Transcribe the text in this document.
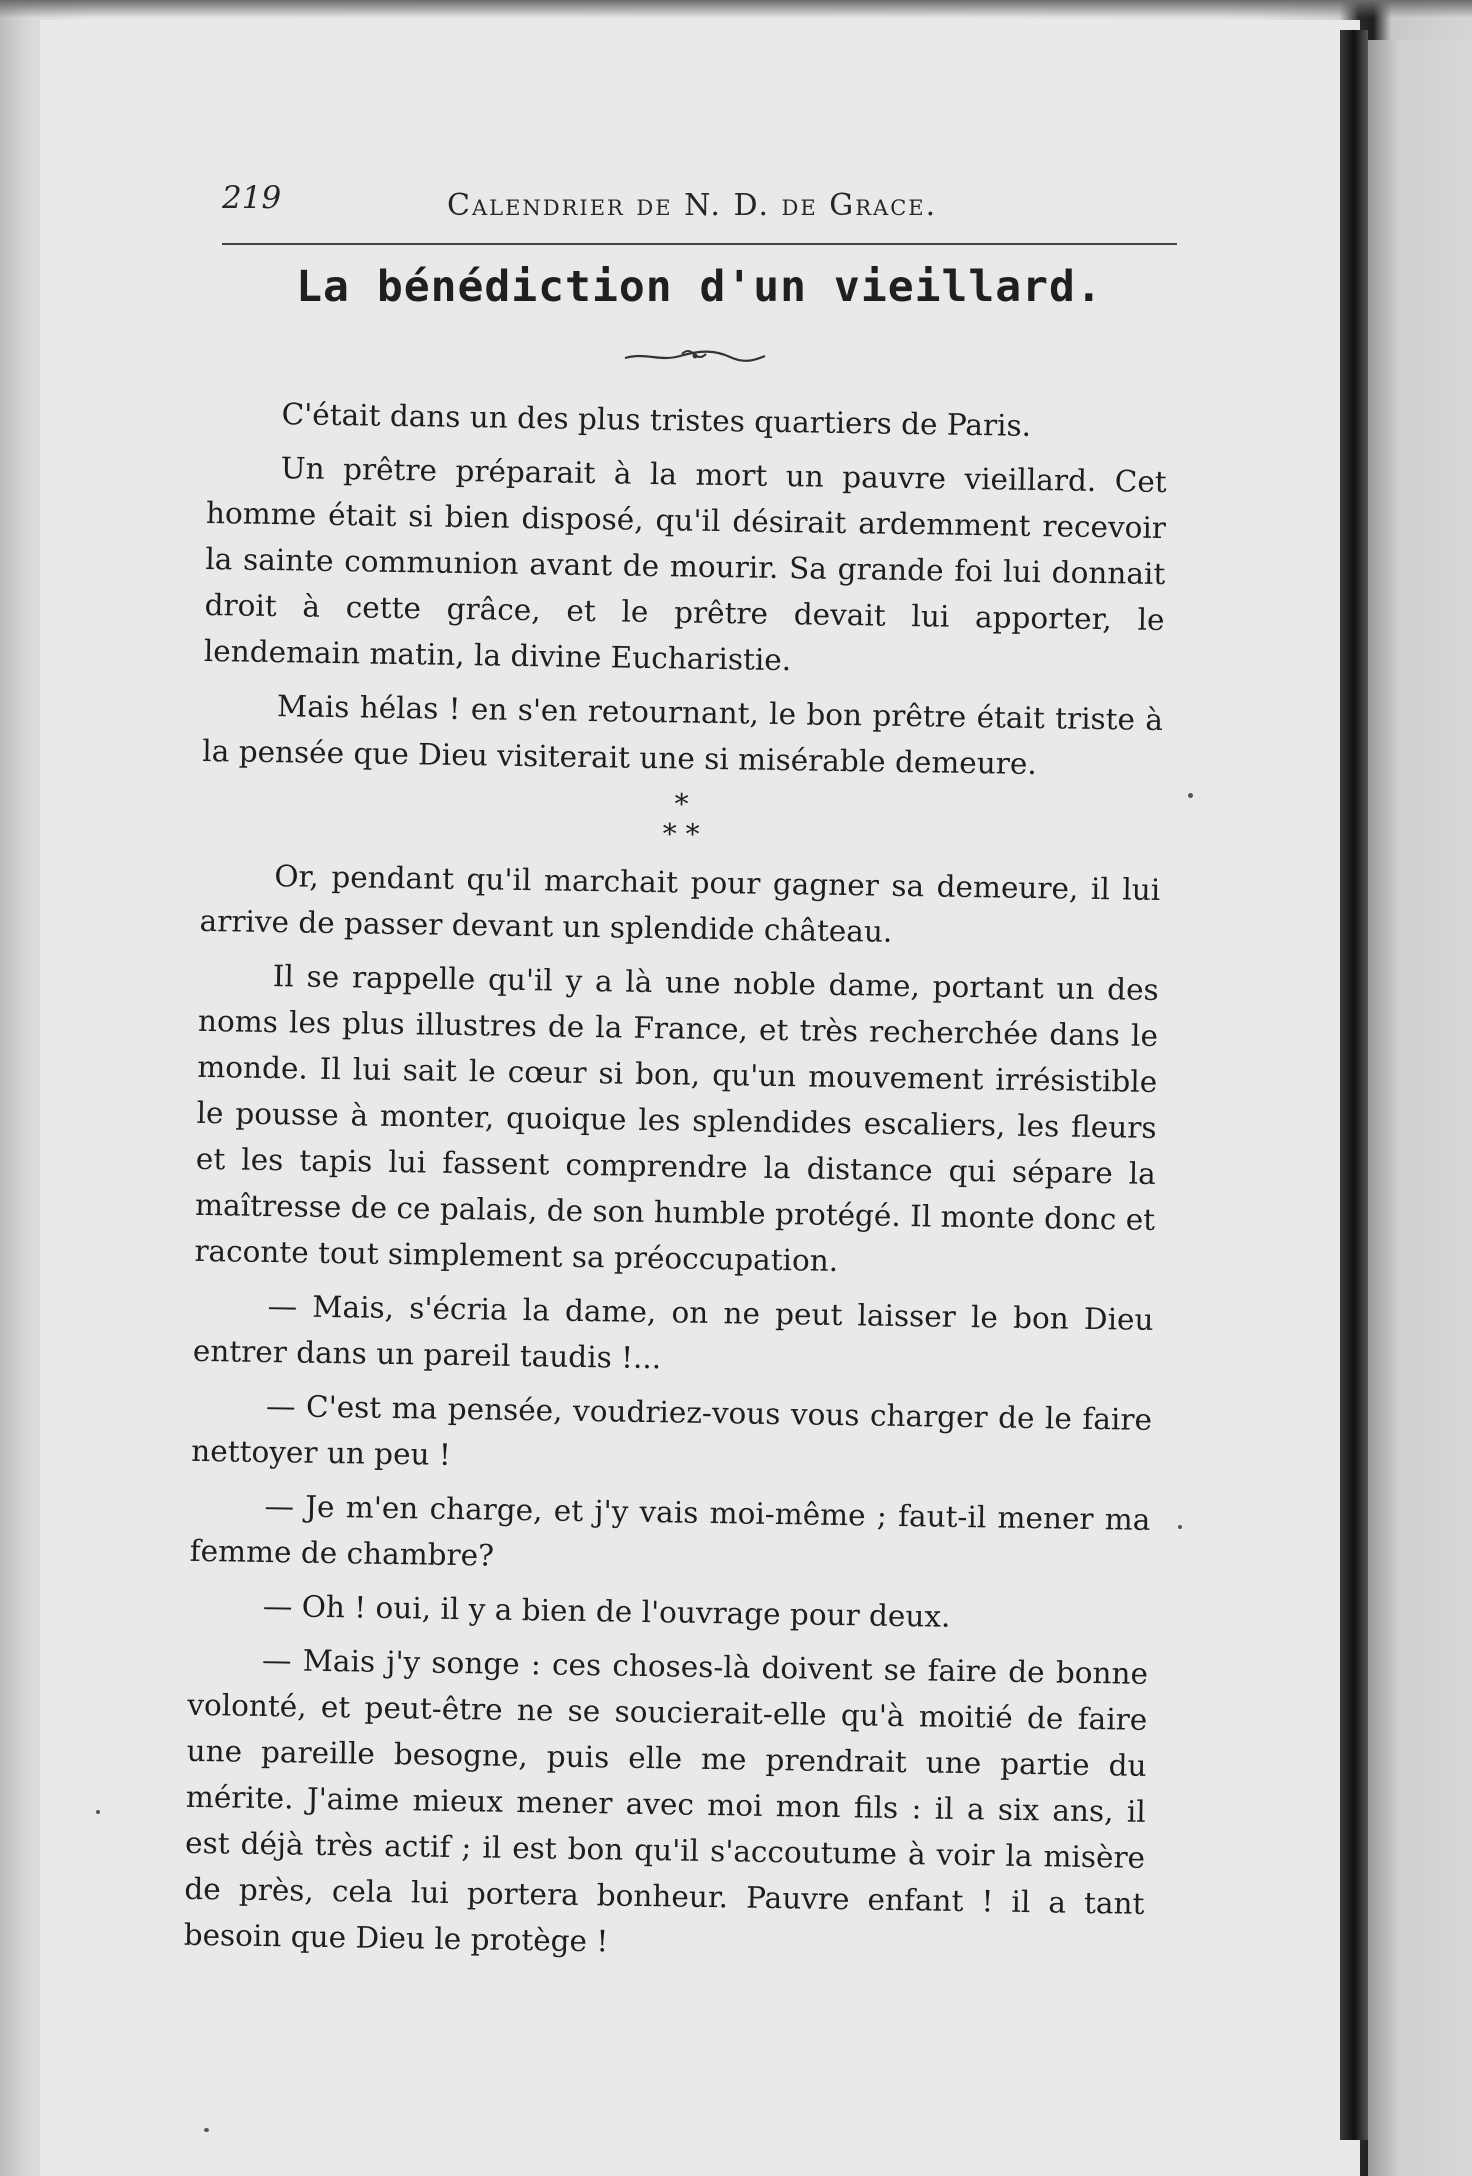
219	Calendrier de N. D. de Grace.
La bénédiction d'un vieillard.

C'était dans un des plus tristes quartiers de Paris.

Un prêtre préparait à la mort un pauvre vieillard. Cet homme était si bien disposé, qu'il désirait ardemment recevoir la sainte communion avant de mourir. Sa grande foi lui donnait droit à cette grâce, et le prêtre devait lui apporter, le lendemain matin, la divine Eucharistie.

Mais hélas ! en s'en retournant, le bon prêtre était triste à la pensée que Dieu visiterait une si misérable demeure.

*
* *

Or, pendant qu'il marchait pour gagner sa demeure, il lui arrive de passer devant un splendide château.

Il se rappelle qu'il y a là une noble dame, portant un des noms les plus illustres de la France, et très recherchée dans le monde. Il lui sait le cœur si bon, qu'un mouvement irrésistible le pousse à monter, quoique les splendides escaliers, les fleurs et les tapis lui fassent comprendre la distance qui sépare la maîtresse de ce palais, de son humble protégé. Il monte donc et raconte tout simplement sa préoccupation.

— Mais, s'écria la dame, on ne peut laisser le bon Dieu entrer dans un pareil taudis !...

— C'est ma pensée, voudriez-vous vous charger de le faire nettoyer un peu !

— Je m'en charge, et j'y vais moi-même ; faut-il mener ma femme de chambre?

— Oh ! oui, il y a bien de l'ouvrage pour deux.

— Mais j'y songe : ces choses-là doivent se faire de bonne volonté, et peut-être ne se soucierait-elle qu'à moitié de faire une pareille besogne, puis elle me prendrait une partie du mérite. J'aime mieux mener avec moi mon fils : il a six ans, il est déjà très actif ; il est bon qu'il s'accoutume à voir la misère de près, cela lui portera bonheur. Pauvre enfant ! il a tant besoin que Dieu le protège !
